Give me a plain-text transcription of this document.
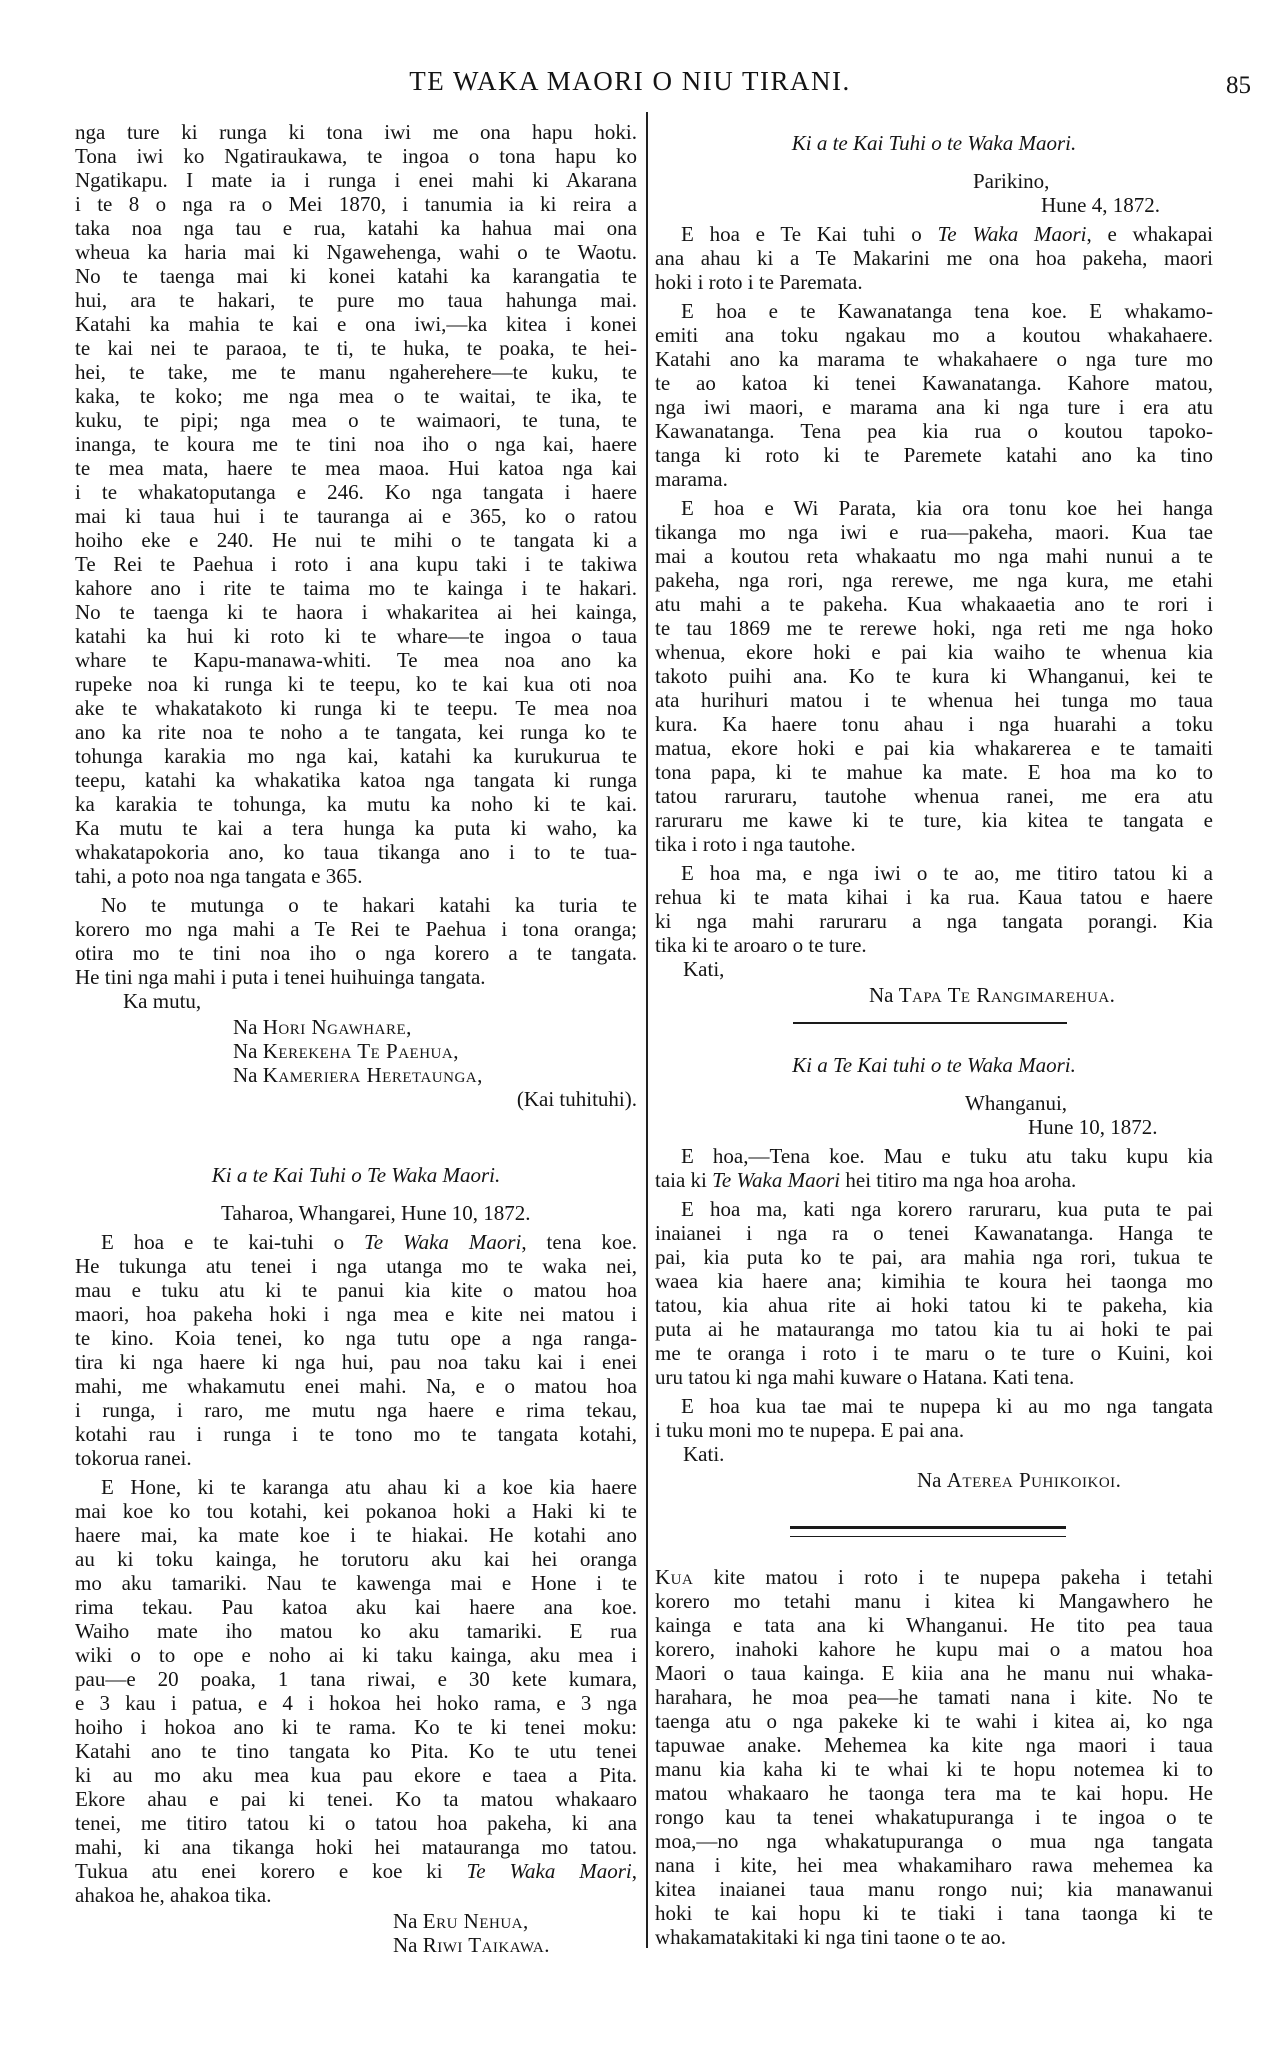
TE WAKA MAORI O NIU TIRANI.	85
nga ture ki runga ki tona iwi me ona hapu hoki.
Tona iwi ko Ngatiraukawa, te ingoa o tona hapu ko
Ngatikapu. I mate ia i runga i enei mahi ki Akarana
i te 8 o nga ra o Mei 1870, i tanumia ia ki reira a
taka noa nga tau e rua, katahi ka hahua mai ona
wheua ka haria mai ki Ngawehenga, wahi o te Waotu.
No te taenga mai ki konei katahi ka karangatia te
hui, ara te hakari, te pure mo taua hahunga mai.
Katahi ka mahia te kai e ona iwi,—ka kitea i konei
te kai nei te paraoa, te ti, te huka, te poaka, te hei-
hei, te take, me te manu ngaherehere—te kuku, te
kaka, te koko; me nga mea o te waitai, te ika, te
kuku, te pipi; nga mea o te waimaori, te tuna, te
inanga, te koura me te tini noa iho o nga kai, haere
te mea mata, haere te mea maoa. Hui katoa nga kai
i te whakatoputanga e 246. Ko nga tangata i haere
mai ki taua hui i te tauranga ai e 365, ko o ratou
hoiho eke e 240. He nui te mihi o te tangata ki a
Te Rei te Paehua i roto i ana kupu taki i te takiwa
kahore ano i rite te taima mo te kainga i te hakari.
No te taenga ki te haora i whakaritea ai hei kainga,
katahi ka hui ki roto ki te whare—te ingoa o taua
whare te Kapu-manawa-whiti. Te mea noa ano ka
rupeke noa ki runga ki te teepu, ko te kai kua oti noa
ake te whakatakoto ki runga ki te teepu. Te mea noa
ano ka rite noa te noho a te tangata, kei runga ko te
tohunga karakia mo nga kai, katahi ka kurukurua te
teepu, katahi ka whakatika katoa nga tangata ki runga
ka karakia te tohunga, ka mutu ka noho ki te kai.
Ka mutu te kai a tera hunga ka puta ki waho, ka
whakatapokoria ano, ko taua tikanga ano i to te tua-
tahi, a poto noa nga tangata e 365.
No te mutunga o te hakari katahi ka turia te
korero mo nga mahi a Te Rei te Paehua i tona oranga;
otira mo te tini noa iho o nga korero a te tangata.
He tini nga mahi i puta i tenei huihuinga tangata.
Ka mutu,
Na Hori Ngawhare,
Na Kerekeha Te Paehua,
Na Kameriera Heretaunga,
(Kai tuhituhi).
Ki a te Kai Tuhi o Te Waka Maori.
Taharoa, Whangarei, Hune 10, 1872.
E hoa e te kai-tuhi o Te Waka Maori, tena koe.
He tukunga atu tenei i nga utanga mo te waka nei,
mau e tuku atu ki te panui kia kite o matou hoa
maori, hoa pakeha hoki i nga mea e kite nei matou i
te kino. Koia tenei, ko nga tutu ope a nga ranga-
tira ki nga haere ki nga hui, pau noa taku kai i enei
mahi, me whakamutu enei mahi. Na, e o matou hoa
i runga, i raro, me mutu nga haere e rima tekau,
kotahi rau i runga i te tono mo te tangata kotahi,
tokorua ranei.
E Hone, ki te karanga atu ahau ki a koe kia haere
mai koe ko tou kotahi, kei pokanoa hoki a Haki ki te
haere mai, ka mate koe i te hiakai. He kotahi ano
au ki toku kainga, he torutoru aku kai hei oranga
mo aku tamariki. Nau te kawenga mai e Hone i te
rima tekau. Pau katoa aku kai haere ana koe.
Waiho mate iho matou ko aku tamariki. E rua
wiki o to ope e noho ai ki taku kainga, aku mea i
pau—e 20 poaka, 1 tana riwai, e 30 kete kumara,
e 3 kau i patua, e 4 i hokoa hei hoko rama, e 3 nga
hoiho i hokoa ano ki te rama. Ko te ki tenei moku:
Katahi ano te tino tangata ko Pita. Ko te utu tenei
ki au mo aku mea kua pau ekore e taea a Pita.
Ekore ahau e pai ki tenei. Ko ta matou whakaaro
tenei, me titiro tatou ki o tatou hoa pakeha, ki ana
mahi, ki ana tikanga hoki hei matauranga mo tatou.
Tukua atu enei korero e koe ki Te Waka Maori,
ahakoa he, ahakoa tika.
Na Eru Nehua,
Na Riwi Taikawa.
Ki a te Kai Tuhi o te Waka Maori.
Parikino,
Hune 4, 1872.
E hoa e Te Kai tuhi o Te Waka Maori, e whakapai
ana ahau ki a Te Makarini me ona hoa pakeha, maori
hoki i roto i te Paremata.
E hoa e te Kawanatanga tena koe. E whakamo-
emiti ana toku ngakau mo a koutou whakahaere.
Katahi ano ka marama te whakahaere o nga ture mo
te ao katoa ki tenei Kawanatanga. Kahore matou,
nga iwi maori, e marama ana ki nga ture i era atu
Kawanatanga. Tena pea kia rua o koutou tapoko-
tanga ki roto ki te Paremete katahi ano ka tino
marama.
E hoa e Wi Parata, kia ora tonu koe hei hanga
tikanga mo nga iwi e rua—pakeha, maori. Kua tae
mai a koutou reta whakaatu mo nga mahi nunui a te
pakeha, nga rori, nga rerewe, me nga kura, me etahi
atu mahi a te pakeha. Kua whakaaetia ano te rori i
te tau 1869 me te rerewe hoki, nga reti me nga hoko
whenua, ekore hoki e pai kia waiho te whenua kia
takoto puihi ana. Ko te kura ki Whanganui, kei te
ata hurihuri matou i te whenua hei tunga mo taua
kura. Ka haere tonu ahau i nga huarahi a toku
matua, ekore hoki e pai kia whakarerea e te tamaiti
tona papa, ki te mahue ka mate. E hoa ma ko to
tatou raruraru, tautohe whenua ranei, me era atu
raruraru me kawe ki te ture, kia kitea te tangata e
tika i roto i nga tautohe.
E hoa ma, e nga iwi o te ao, me titiro tatou ki a
rehua ki te mata kihai i ka rua. Kaua tatou e haere
ki nga mahi raruraru a nga tangata porangi. Kia
tika ki te aroaro o te ture.
Kati,
Na Tapa Te Rangimarehua.
Ki a Te Kai tuhi o te Waka Maori.
Whanganui,
Hune 10, 1872.
E hoa,—Tena koe. Mau e tuku atu taku kupu kia
taia ki Te Waka Maori hei titiro ma nga hoa aroha.
E hoa ma, kati nga korero raruraru, kua puta te pai
inaianei i nga ra o tenei Kawanatanga. Hanga te
pai, kia puta ko te pai, ara mahia nga rori, tukua te
waea kia haere ana; kimihia te koura hei taonga mo
tatou, kia ahua rite ai hoki tatou ki te pakeha, kia
puta ai he matauranga mo tatou kia tu ai hoki te pai
me te oranga i roto i te maru o te ture o Kuini, koi
uru tatou ki nga mahi kuware o Hatana. Kati tena.
E hoa kua tae mai te nupepa ki au mo nga tangata
i tuku moni mo te nupepa. E pai ana.
Kati.
Na Aterea Puhikoikoi.
Kua kite matou i roto i te nupepa pakeha i tetahi
korero mo tetahi manu i kitea ki Mangawhero he
kainga e tata ana ki Whanganui. He tito pea taua
korero, inahoki kahore he kupu mai o a matou hoa
Maori o taua kainga. E kiia ana he manu nui whaka-
harahara, he moa pea—he tamati nana i kite. No te
taenga atu o nga pakeke ki te wahi i kitea ai, ko nga
tapuwae anake. Mehemea ka kite nga maori i taua
manu kia kaha ki te whai ki te hopu notemea ki to
matou whakaaro he taonga tera ma te kai hopu. He
rongo kau ta tenei whakatupuranga i te ingoa o te
moa,—no nga whakatupuranga o mua nga tangata
nana i kite, hei mea whakamiharo rawa mehemea ka
kitea inaianei taua manu rongo nui; kia manawanui
hoki te kai hopu ki te tiaki i tana taonga ki te
whakamatakitaki ki nga tini taone o te ao.
